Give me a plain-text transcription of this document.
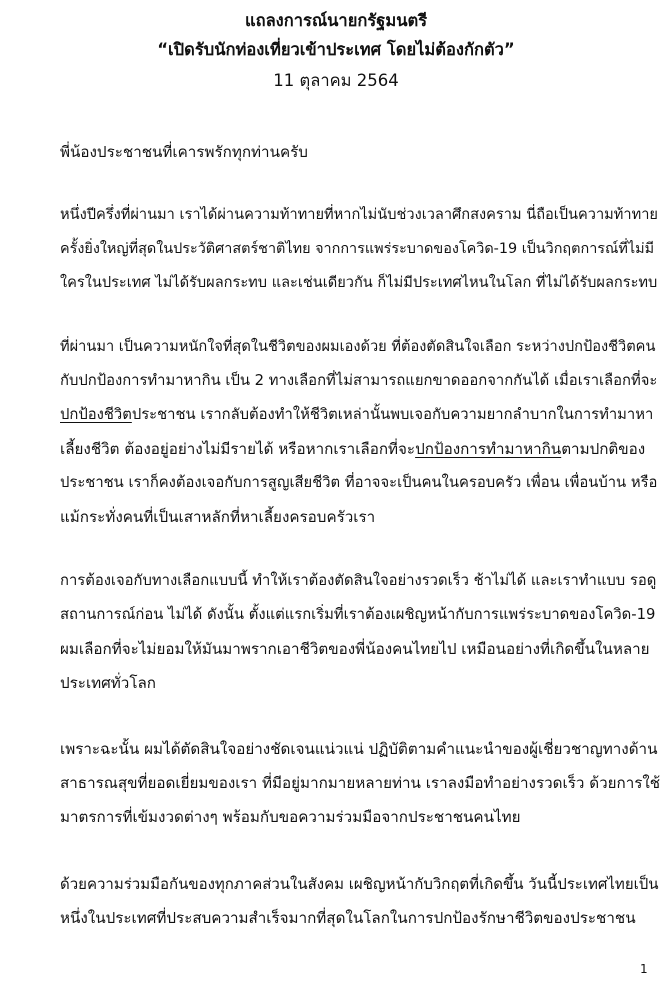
แถลงการณ์นายกรัฐมนตรี
“เปิดรับนักท่องเที่ยวเข้าประเทศ โดยไม่ต้องกักตัว”
11 ตุลาคม 2564
พี่น้องประชาชนที่เคารพรักทุกท่านครับ
หนึ่งปีครึ่งที่ผ่านมา เราได้ผ่านความท้าทายที่หากไม่นับช่วงเวลาศึกสงคราม นี่ถือเป็นความท้าทาย
ครั้งยิ่งใหญ่ที่สุดในประวัติศาสตร์ชาติไทย จากการแพร่ระบาดของโควิด-19 เป็นวิกฤตการณ์ที่ไม่มี
ใครในประเทศ ไม่ได้รับผลกระทบ และเช่นเดียวกัน ก็ไม่มีประเทศไหนในโลก ที่ไม่ได้รับผลกระทบ
ที่ผ่านมา เป็นความหนักใจที่สุดในชีวิตของผมเองด้วย ที่ต้องตัดสินใจเลือก ระหว่างปกป้องชีวิตคน
กับปกป้องการทำมาหากิน เป็น 2 ทางเลือกที่ไม่สามารถแยกขาดออกจากกันได้ เมื่อเราเลือกที่จะ
ปกป้องชีวิตประชาชน เรากลับต้องทำให้ชีวิตเหล่านั้นพบเจอกับความยากลำบากในการทำมาหา
เลี้ยงชีวิต ต้องอยู่อย่างไม่มีรายได้ หรือหากเราเลือกที่จะปกป้องการทำมาหากินตามปกติของ
ประชาชน เราก็คงต้องเจอกับการสูญเสียชีวิต ที่อาจจะเป็นคนในครอบครัว เพื่อน เพื่อนบ้าน หรือ
แม้กระทั่งคนที่เป็นเสาหลักที่หาเลี้ยงครอบครัวเรา
การต้องเจอกับทางเลือกแบบนี้ ทำให้เราต้องตัดสินใจอย่างรวดเร็ว ช้าไม่ได้ และเราทำแบบ รอดู
สถานการณ์ก่อน ไม่ได้ ดังนั้น ตั้งแต่แรกเริ่มที่เราต้องเผชิญหน้ากับการแพร่ระบาดของโควิด-19
ผมเลือกที่จะไม่ยอมให้มันมาพรากเอาชีวิตของพี่น้องคนไทยไป เหมือนอย่างที่เกิดขึ้นในหลาย
ประเทศทั่วโลก
เพราะฉะนั้น ผมได้ตัดสินใจอย่างชัดเจนแน่วแน่ ปฏิบัติตามคำแนะนำของผู้เชี่ยวชาญทางด้าน
สาธารณสุขที่ยอดเยี่ยมของเรา ที่มีอยู่มากมายหลายท่าน เราลงมือทำอย่างรวดเร็ว ด้วยการใช้
มาตรการที่เข้มงวดต่างๆ พร้อมกับขอความร่วมมือจากประชาชนคนไทย
ด้วยความร่วมมือกันของทุกภาคส่วนในสังคม เผชิญหน้ากับวิกฤตที่เกิดขึ้น วันนี้ประเทศไทยเป็น
หนึ่งในประเทศที่ประสบความสำเร็จมากที่สุดในโลกในการปกป้องรักษาชีวิตของประชาชน
1
